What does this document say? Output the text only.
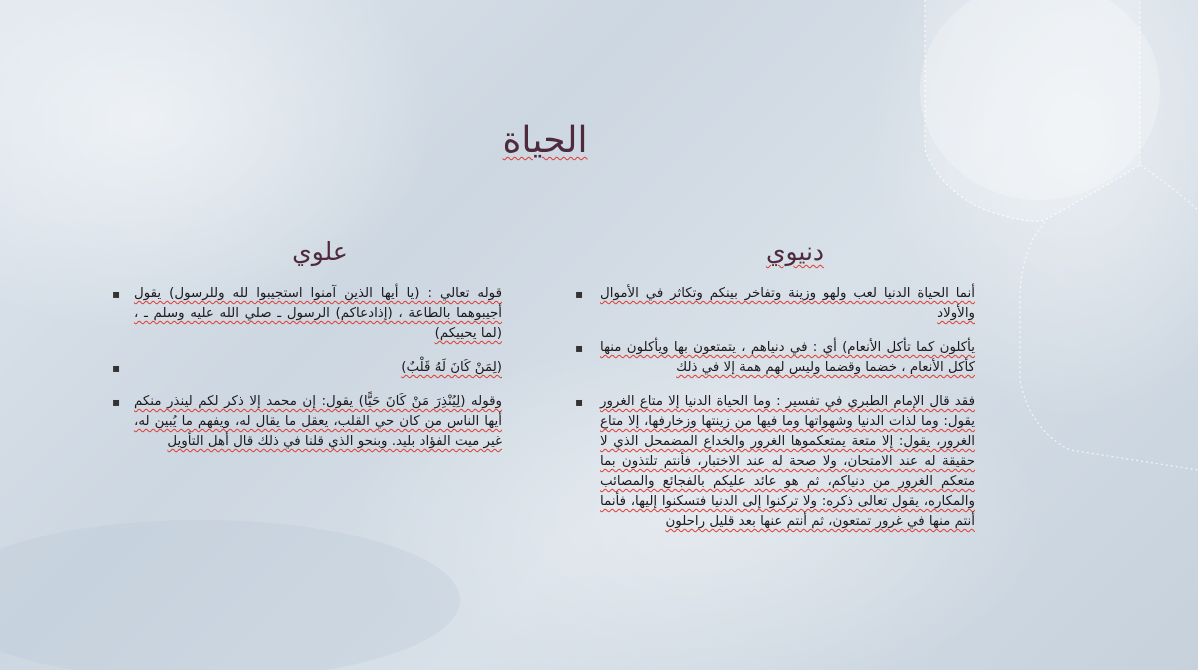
الحياة
علوي	دنيوي
▪ قوله تعالي : (يا أيها الذين آمنوا استجيبوا لله وللرسول) يقول أجيبوهما بالطاعة ، (إذادعاكم) الرسول ـ صلي الله عليه وسلم ـ ، (لما يحييكم)
▪	(لِمَنْ كَانَ لَهُ قَلْبٌ)
▪ وقوله (لِيُنْذِرَ مَنْ كَانَ حَيًّا) يقول: إن محمد إلا ذكر لكم لينذر منكم أيها الناس من كان حي القلب، يعقل ما يقال له، ويفهم ما يُبين له، غير ميت الفؤاد بليد. وبنحو الذي قلنا في ذلك قال أهل التأويل
▪ أنما الحياة الدنيا لعب ولهو وزينة وتفاخر بينكم وتكاثر في الأموال والأولاد
▪ يأكلون كما تأكل الأنعام) أي : في دنياهم ، يتمتعون بها ويأكلون منها كأكل الأنعام ، خضما وقضما وليس لهم همة إلا في ذلك
▪ فقد قال الإمام الطبري في تفسير : وما الحياة الدنيا إلا متاع الغرور يقول: وما لذات الدنيا وشهواتها وما فيها من زينتها وزخارفها، إلا متاع الغرور، يقول: إلا متعة يمتعكموها الغرور والخداع المضمحل الذي لا حقيقة له عند الامتحان، ولا صحة له عند الاختبار، فأنتم تلتذون بما متعكم الغرور من دنياكم، ثم هو عائد عليكم بالفجائع والمصائب والمكاره، يقول تعالى ذكره: ولا تركنوا إلى الدنيا فتسكنوا إليها، فأنما أنتم منها في غرور تمتعون، ثم أنتم عنها بعد قليل راحلون
